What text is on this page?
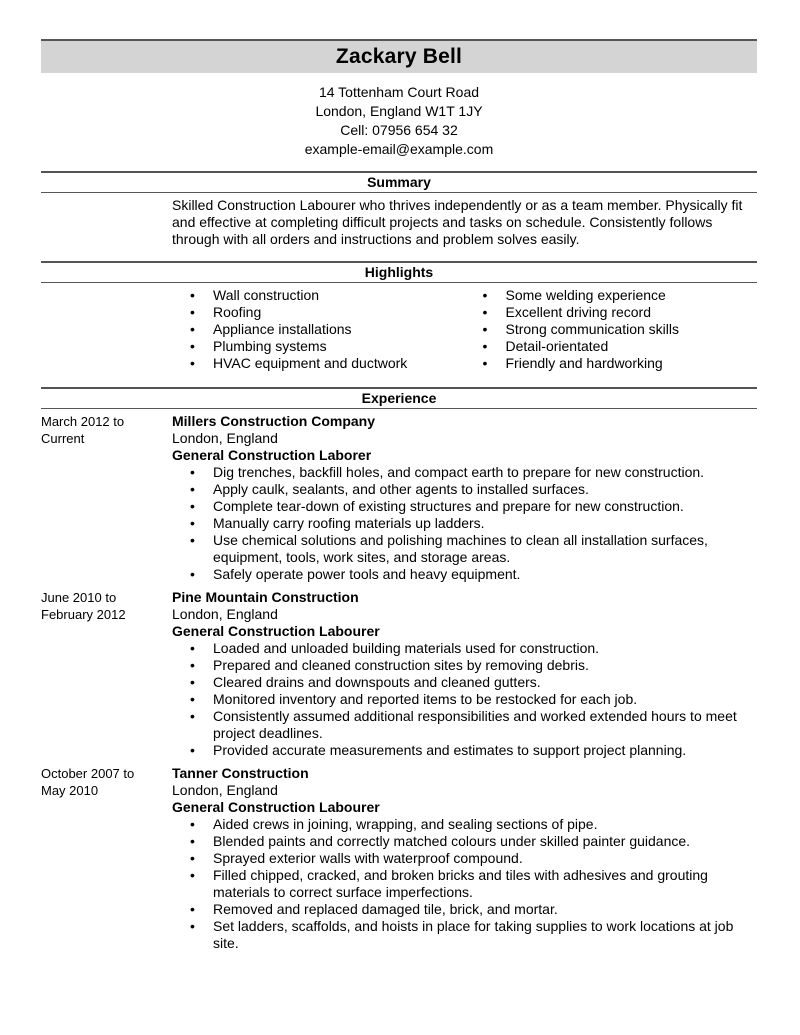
Zackary Bell
14 Tottenham Court Road
London, England W1T 1JY
Cell: 07956 654 32
example-email@example.com
Summary

Skilled Construction Labourer who thrives independently or as a team member. Physically fit and effective at completing difficult projects and tasks on schedule. Consistently follows through with all orders and instructions and problem solves easily.

Highlights
• Wall construction
• Roofing
• Appliance installations
• Plumbing systems
• HVAC equipment and ductwork
• Some welding experience
• Excellent driving record
• Strong communication skills
• Detail-orientated
• Friendly and hardworking
Experience
March 2012 to
Current
Millers Construction Company
London, England
General Construction Laborer
• Dig trenches, backfill holes, and compact earth to prepare for new construction.
• Apply caulk, sealants, and other agents to installed surfaces.
• Complete tear-down of existing structures and prepare for new construction.
• Manually carry roofing materials up ladders.
• Use chemical solutions and polishing machines to clean all installation surfaces, equipment, tools, work sites, and storage areas.
• Safely operate power tools and heavy equipment.
June 2010 to
February 2012
Pine Mountain Construction
London, England
General Construction Labourer
• Loaded and unloaded building materials used for construction.
• Prepared and cleaned construction sites by removing debris.
• Cleared drains and downspouts and cleaned gutters.
• Monitored inventory and reported items to be restocked for each job.
• Consistently assumed additional responsibilities and worked extended hours to meet project deadlines.
• Provided accurate measurements and estimates to support project planning.
October 2007 to
May 2010
Tanner Construction
London, England
General Construction Labourer
• Aided crews in joining, wrapping, and sealing sections of pipe.
• Blended paints and correctly matched colours under skilled painter guidance.
• Sprayed exterior walls with waterproof compound.
• Filled chipped, cracked, and broken bricks and tiles with adhesives and grouting materials to correct surface imperfections.
• Removed and replaced damaged tile, brick, and mortar.
• Set ladders, scaffolds, and hoists in place for taking supplies to work locations at job site.
